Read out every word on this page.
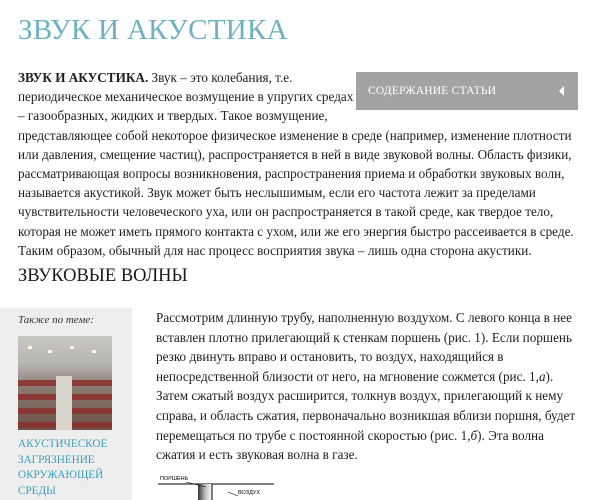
ЗВУК И АКУСТИКА
СОДЕРЖАНИЕ СТАТЬИ

ЗВУК И АКУСТИКА. Звук – это колебания, т.е. периодическое механическое возмущение в упругих средах – газообразных, жидких и твердых. Такое возмущение, представляющее собой некоторое физическое изменение в среде (например, изменение плотности или давления, смещение частиц), распространяется в ней в виде звуковой волны. Область физики, рассматривающая вопросы возникновения, распространения приема и обработки звуковых волн, называется акустикой. Звук может быть неслышимым, если его частота лежит за пределами чувствительности человеческого уха, или он распространяется в такой среде, как твердое тело, которая не может иметь прямого контакта с ухом, или же его энергия быстро рассеивается в среде. Таким образом, обычный для нас процесс восприятия звука – лишь одна сторона акустики.

ЗВУКОВЫЕ ВОЛНЫ
Также по теме:

АКУСТИЧЕСКОЕ ЗАГРЯЗНЕНИЕ ОКРУЖАЮЩЕЙ СРЕДЫ

Рассмотрим длинную трубу, наполненную воздухом. С левого конца в нее вставлен плотно прилегающий к стенкам поршень (рис. 1). Если поршень резко двинуть вправо и остановить, то воздух, находящийся в непосредственной близости от него, на мгновение сожмется (рис. 1,а). Затем сжатый воздух расширится, толкнув воздух, прилегающий к нему справа, и область сжатия, первоначально возникшая вблизи поршня, будет перемещаться по трубе с постоянной скоростью (рис. 1,б). Эта волна сжатия и есть звуковая волна в газе.

ПОРШЕНЬ
ВОЗДУХ
